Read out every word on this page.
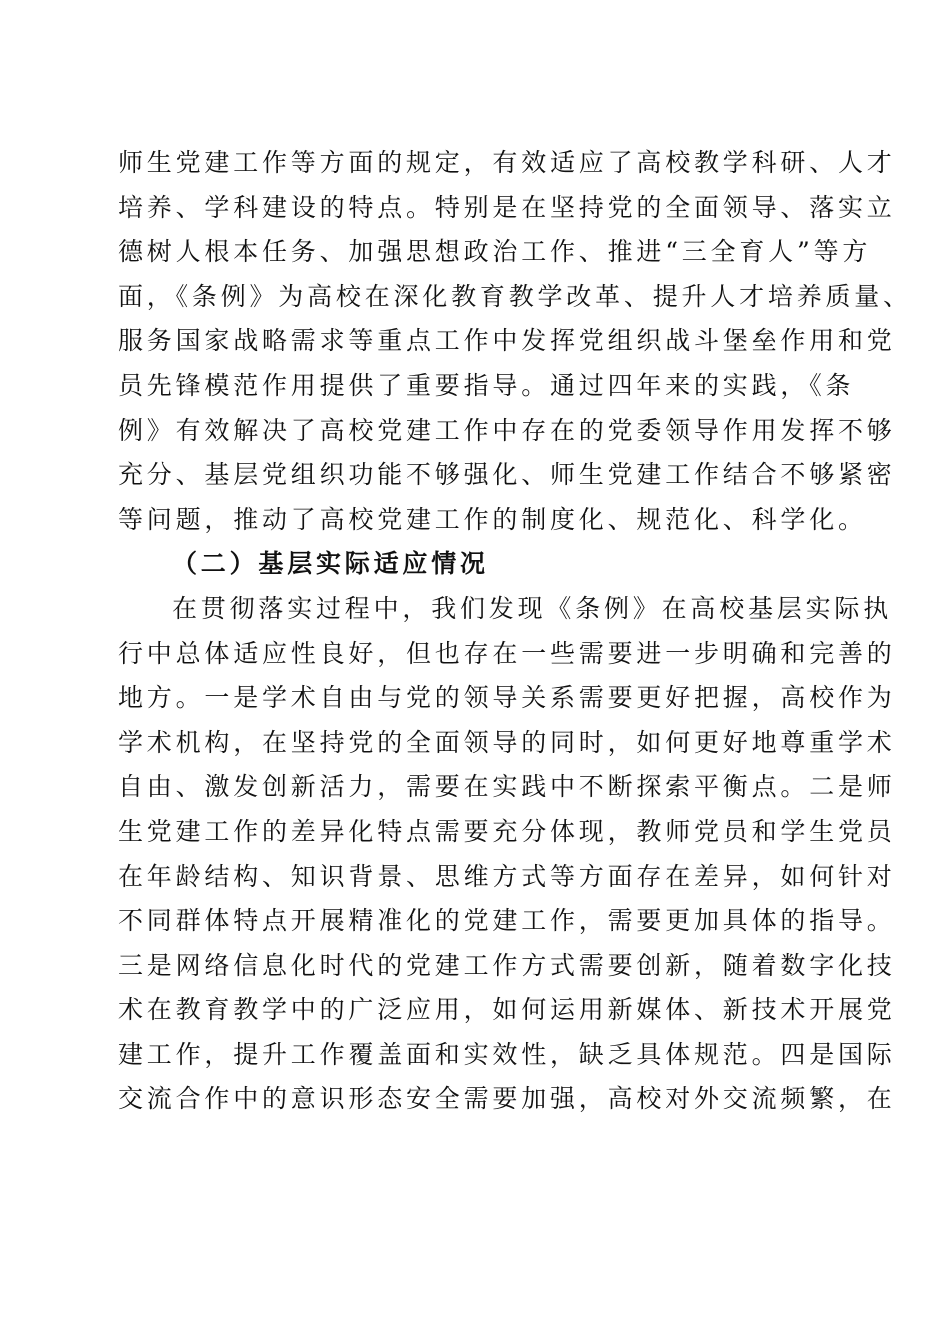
师生党建工作等方面的规定，有效适应了高校教学科研、人才
培养、学科建设的特点。特别是在坚持党的全面领导、落实立
德树人根本任务、加强思想政治工作、推进“三全育人”等方
面，《条例》为高校在深化教育教学改革、提升人才培养质量、
服务国家战略需求等重点工作中发挥党组织战斗堡垒作用和党
员先锋模范作用提供了重要指导。通过四年来的实践，《条
例》有效解决了高校党建工作中存在的党委领导作用发挥不够
充分、基层党组织功能不够强化、师生党建工作结合不够紧密
等问题，推动了高校党建工作的制度化、规范化、科学化。
（二）基层实际适应情况
在贯彻落实过程中，我们发现《条例》在高校基层实际执
行中总体适应性良好，但也存在一些需要进一步明确和完善的
地方。一是学术自由与党的领导关系需要更好把握，高校作为
学术机构，在坚持党的全面领导的同时，如何更好地尊重学术
自由、激发创新活力，需要在实践中不断探索平衡点。二是师
生党建工作的差异化特点需要充分体现，教师党员和学生党员
在年龄结构、知识背景、思维方式等方面存在差异，如何针对
不同群体特点开展精准化的党建工作，需要更加具体的指导。
三是网络信息化时代的党建工作方式需要创新，随着数字化技
术在教育教学中的广泛应用，如何运用新媒体、新技术开展党
建工作，提升工作覆盖面和实效性，缺乏具体规范。四是国际
交流合作中的意识形态安全需要加强，高校对外交流频繁，在
